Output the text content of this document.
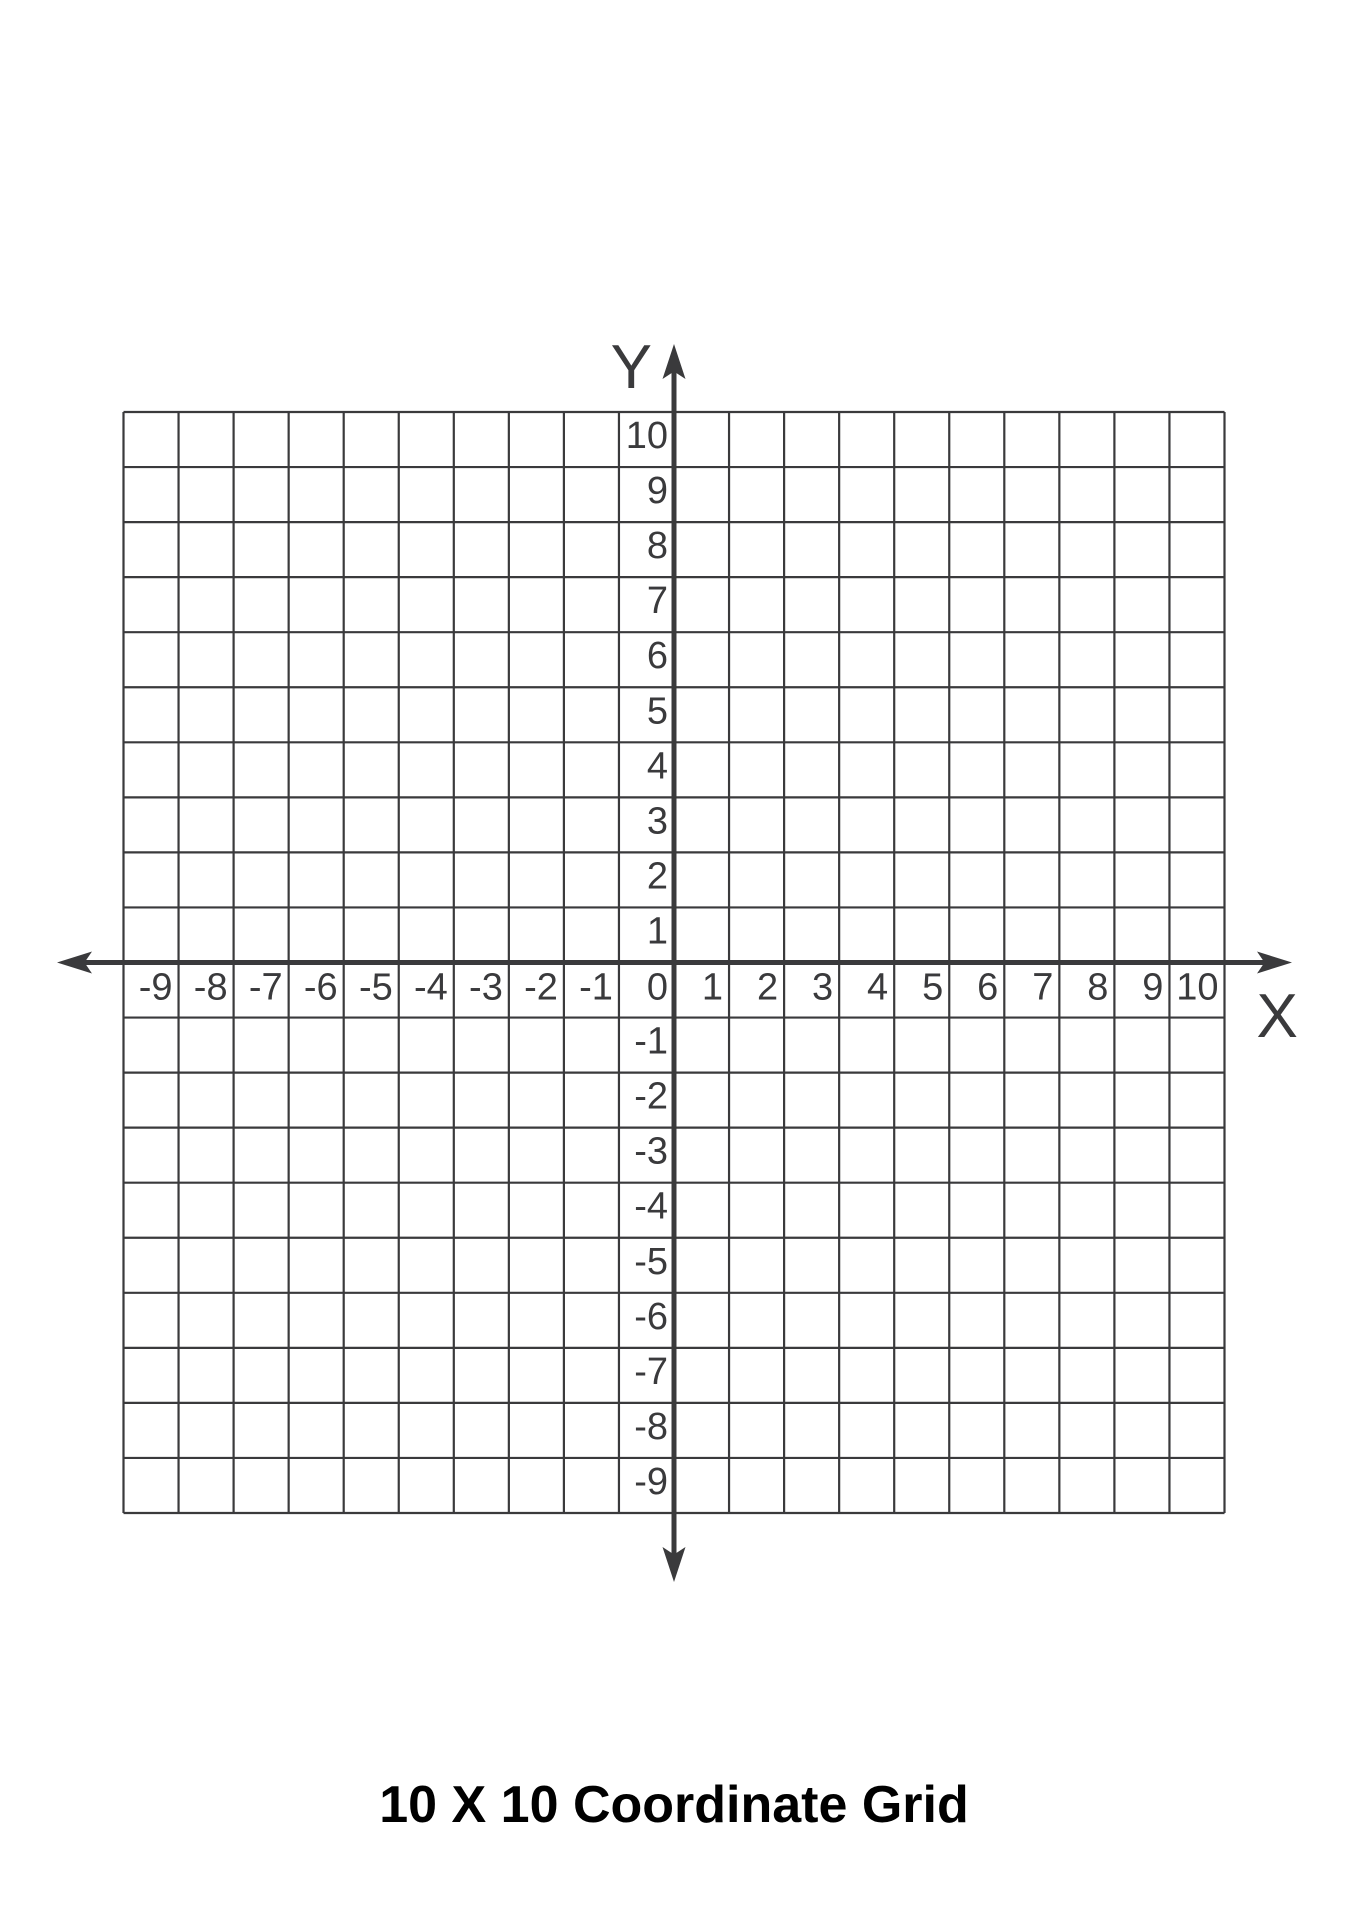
-9 -8 -7 -6 -5 -4 -3 -2 -1 0 1 2 3 4 5 6 7 8 9 10
10
9
8
7
6
5
4
3
2
1
-1
-2
-3
-4
-5
-6
-7
-8
-9
Y
X
10 X 10 Coordinate Grid
